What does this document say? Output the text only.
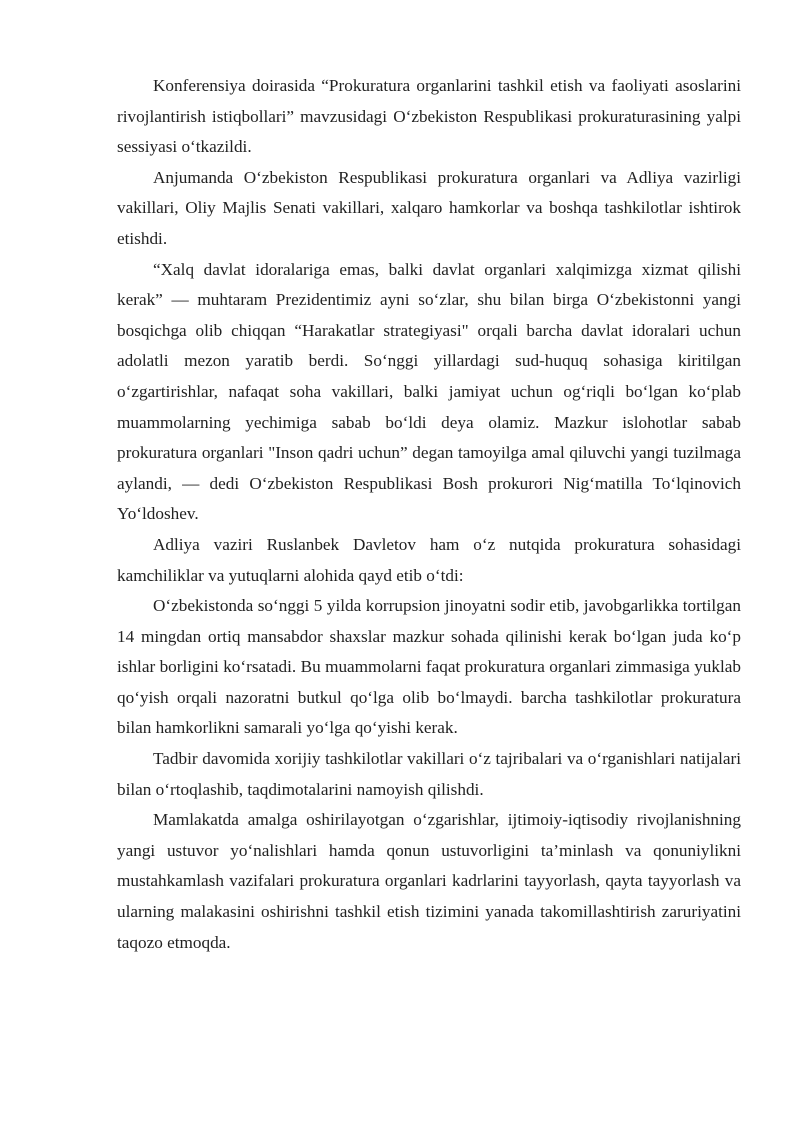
Konferensiya doirasida “Prokuratura organlarini tashkil etish va faoliyati asoslarini rivojlantirish istiqbollari” mavzusidagi O‘zbekiston Respublikasi prokuraturasining yalpi sessiyasi o‘tkazildi.

Anjumanda O‘zbekiston Respublikasi prokuratura organlari va Adliya vazirligi vakillari, Oliy Majlis Senati vakillari, xalqaro hamkorlar va boshqa tashkilotlar ishtirok etishdi.

“Xalq davlat idoralariga emas, balki davlat organlari xalqimizga xizmat qilishi kerak” — muhtaram Prezidentimiz ayni so‘zlar, shu bilan birga O‘zbekistonni yangi bosqichga olib chiqqan “Harakatlar strategiyasi" orqali barcha davlat idoralari uchun adolatli mezon yaratib berdi. So‘nggi yillardagi sud-huquq sohasiga kiritilgan o‘zgartirishlar, nafaqat soha vakillari, balki jamiyat uchun og‘riqli bo‘lgan ko‘plab muammolarning yechimiga sabab bo‘ldi deya olamiz. Mazkur islohotlar sabab prokuratura organlari "Inson qadri uchun” degan tamoyilga amal qiluvchi yangi tuzilmaga aylandi, — dedi O‘zbekiston Respublikasi Bosh prokurori Nig‘matilla To‘lqinovich Yo‘ldoshev.

Adliya vaziri Ruslanbek Davletov ham o‘z nutqida prokuratura sohasidagi kamchiliklar va yutuqlarni alohida qayd etib o‘tdi:

O‘zbekistonda so‘nggi 5 yilda korrupsion jinoyatni sodir etib, javobgarlikka tortilgan 14 mingdan ortiq mansabdor shaxslar mazkur sohada qilinishi kerak bo‘lgan juda ko‘p ishlar borligini ko‘rsatadi. Bu muammolarni faqat prokuratura organlari zimmasiga yuklab qo‘yish orqali nazoratni butkul qo‘lga olib bo‘lmaydi. barcha tashkilotlar prokuratura bilan hamkorlikni samarali yo‘lga qo‘yishi kerak.

Tadbir davomida xorijiy tashkilotlar vakillari o‘z tajribalari va o‘rganishlari natijalari bilan o‘rtoqlashib, taqdimotalarini namoyish qilishdi.

Mamlakatda amalga oshirilayotgan o‘zgarishlar, ijtimoiy-iqtisodiy rivojlanishning yangi ustuvor yo‘nalishlari hamda qonun ustuvorligini ta’minlash va qonuniylikni mustahkamlash vazifalari prokuratura organlari kadrlarini tayyorlash, qayta tayyorlash va ularning malakasini oshirishni tashkil etish tizimini yanada takomillashtirish zaruriyatini taqozo etmoqda.
